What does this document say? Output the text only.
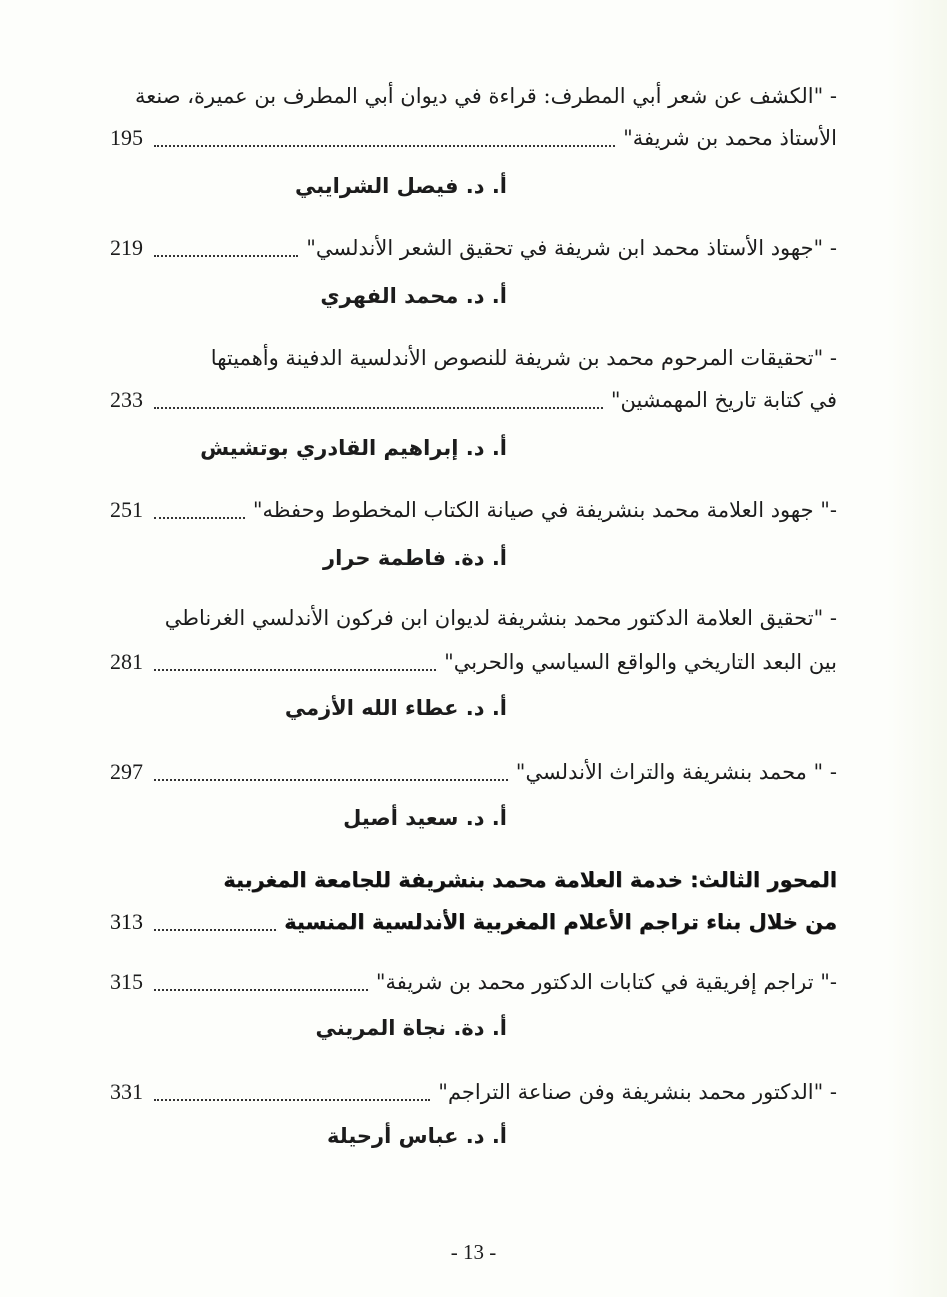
- "الكشف عن شعر أبي المطرف: قراءة في ديوان أبي المطرف بن عميرة، صنعة
الأستاذ محمد بن شريفة"
195
أ. د. فيصل الشرايبي
- "جهود الأستاذ محمد ابن شريفة في تحقيق الشعر الأندلسي"
219
أ. د. محمد الفهري
- "تحقيقات المرحوم محمد بن شريفة للنصوص الأندلسية الدفينة وأهميتها
في كتابة تاريخ المهمشين"
233
أ. د. إبراهيم القادري بوتشيش
-" جهود العلامة محمد بنشريفة في صيانة الكتاب المخطوط وحفظه"
251
أ. دة. فاطمة حرار
- "تحقيق العلامة الدكتور محمد بنشريفة لديوان ابن فركون الأندلسي الغرناطي
بين البعد التاريخي والواقع السياسي والحربي"
281
أ. د. عطاء الله الأزمي
- " محمد بنشريفة والتراث الأندلسي"
297
أ. د. سعيد أصيل
المحور الثالث: خدمة العلامة محمد بنشريفة للجامعة المغربية
من خلال بناء تراجم الأعلام المغربية الأندلسية المنسية
313
-" تراجم إفريقية في كتابات الدكتور محمد بن شريفة"
315
أ. دة. نجاة المريني
- "الدكتور محمد بنشريفة وفن صناعة التراجم"
331
أ. د. عباس أرحيلة
- 13 -
